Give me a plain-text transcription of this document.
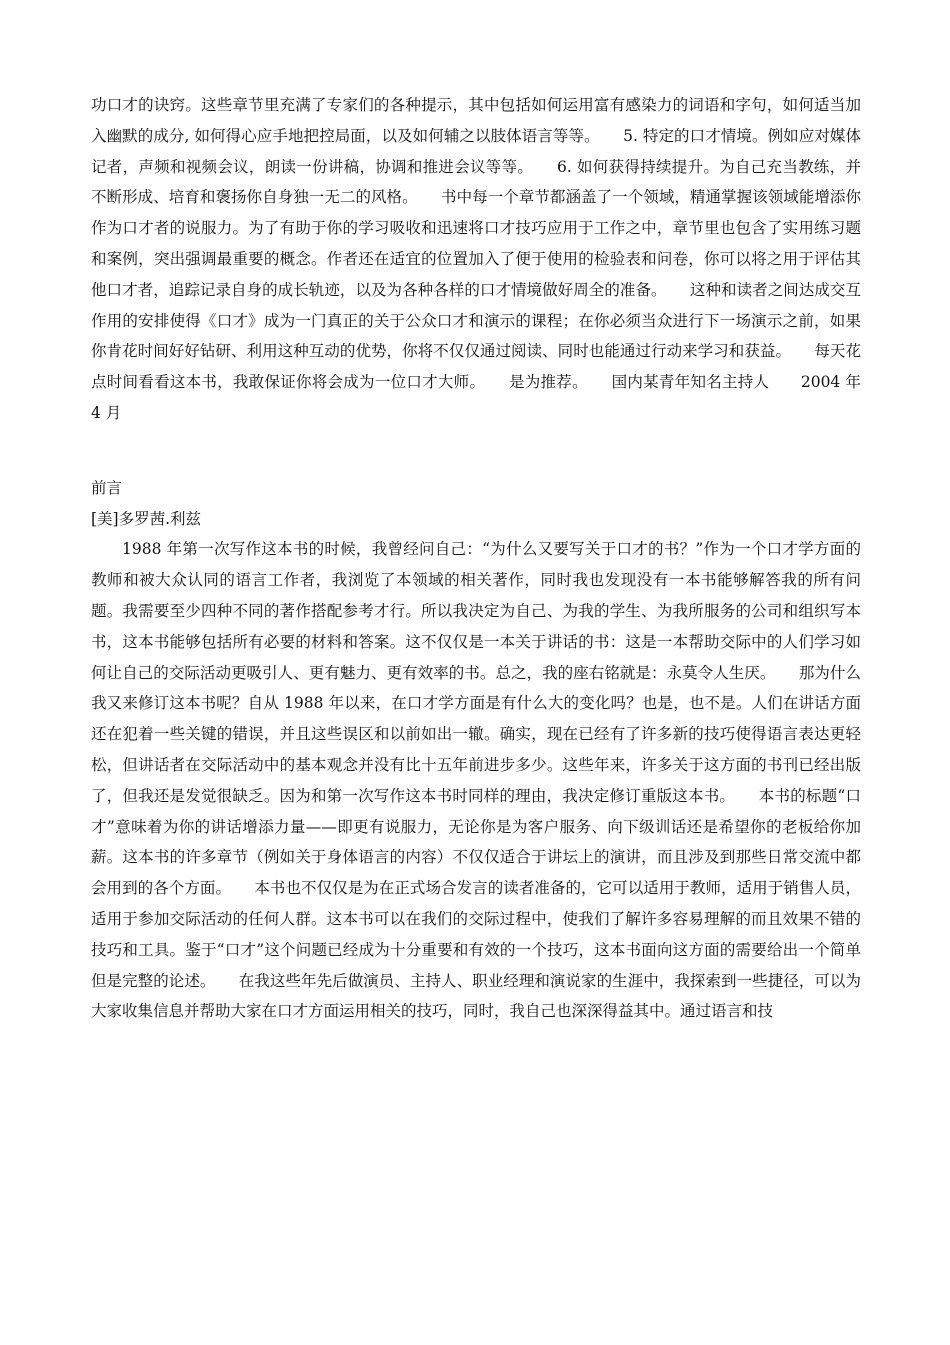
功口才的诀窍。这些章节里充满了专家们的各种提示，其中包括如何运用富有感染力的词语和字句，如何适当加入幽默的成分, 如何得心应手地把控局面，以及如何辅之以肢体语言等等。　　5. 特定的口才情境。例如应对媒体记者，声频和视频会议，朗读一份讲稿，协调和推进会议等等。　　6. 如何获得持续提升。为自己充当教练，并不断形成、培育和褒扬你自身独一无二的风格。　　书中每一个章节都涵盖了一个领域，精通掌握该领域能增添你作为口才者的说服力。为了有助于你的学习吸收和迅速将口才技巧应用于工作之中，章节里也包含了实用练习题和案例，突出强调最重要的概念。作者还在适宜的位置加入了便于使用的检验表和问卷，你可以将之用于评估其他口才者，追踪记录自身的成长轨迹，以及为各种各样的口才情境做好周全的准备。　　这种和读者之间达成交互作用的安排使得《口才》成为一门真正的关于公众口才和演示的课程；在你必须当众进行下一场演示之前，如果你肯花时间好好钻研、利用这种互动的优势，你将不仅仅通过阅读、同时也能通过行动来学习和获益。　　每天花点时间看看这本书，我敢保证你将会成为一位口才大师。　　是为推荐。　　国内某青年知名主持人　　2004 年 4 月

前言

[美]多罗茜.利兹

1988 年第一次写作这本书的时候，我曾经问自己：“为什么又要写关于口才的书？”作为一个口才学方面的教师和被大众认同的语言工作者，我浏览了本领域的相关著作，同时我也发现没有一本书能够解答我的所有问题。我需要至少四种不同的著作搭配参考才行。所以我决定为自己、为我的学生、为我所服务的公司和组织写本书，这本书能够包括所有必要的材料和答案。这不仅仅是一本关于讲话的书：这是一本帮助交际中的人们学习如何让自己的交际活动更吸引人、更有魅力、更有效率的书。总之，我的座右铭就是：永莫令人生厌。　　那为什么我又来修订这本书呢？自从 1988 年以来，在口才学方面是有什么大的变化吗？也是，也不是。人们在讲话方面还在犯着一些关键的错误，并且这些误区和以前如出一辙。确实，现在已经有了许多新的技巧使得语言表达更轻松，但讲话者在交际活动中的基本观念并没有比十五年前进步多少。这些年来，许多关于这方面的书刊已经出版了，但我还是发觉很缺乏。因为和第一次写作这本书时同样的理由，我决定修订重版这本书。　　本书的标题“口才”意味着为你的讲话增添力量——即更有说服力，无论你是为客户服务、向下级训话还是希望你的老板给你加薪。这本书的许多章节（例如关于身体语言的内容）不仅仅适合于讲坛上的演讲，而且涉及到那些日常交流中都会用到的各个方面。　　本书也不仅仅是为在正式场合发言的读者准备的，它可以适用于教师，适用于销售人员，适用于参加交际活动的任何人群。这本书可以在我们的交际过程中，使我们了解许多容易理解的而且效果不错的技巧和工具。鉴于“口才”这个问题已经成为十分重要和有效的一个技巧，这本书面向这方面的需要给出一个简单但是完整的论述。　　在我这些年先后做演员、主持人、职业经理和演说家的生涯中，我探索到一些捷径，可以为大家收集信息并帮助大家在口才方面运用相关的技巧，同时，我自己也深深得益其中。通过语言和技
